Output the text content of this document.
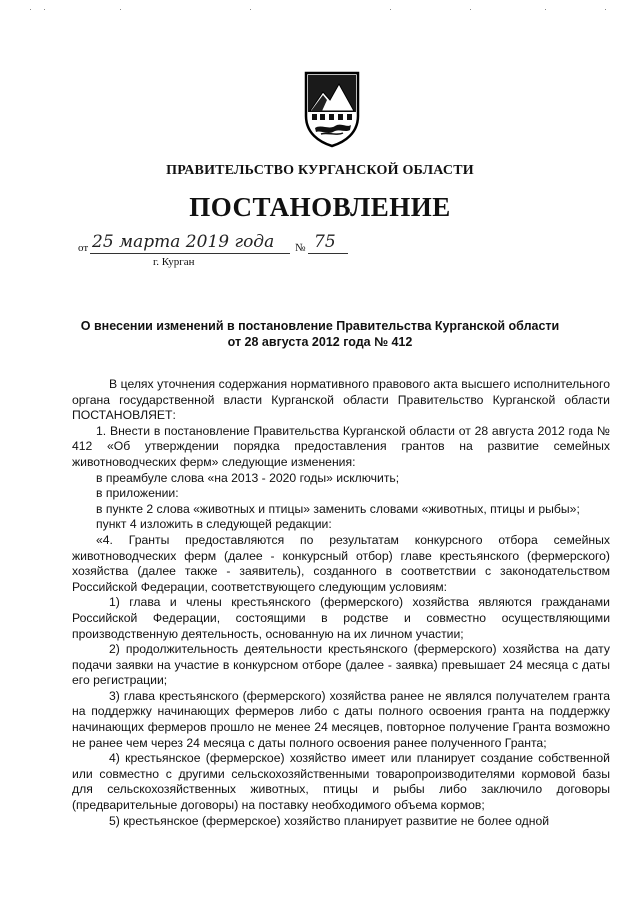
ПРАВИТЕЛЬСТВО КУРГАНСКОЙ ОБЛАСТИ
ПОСТАНОВЛЕНИЕ
от 25 марта 2019 года № 75
г. Курган
О внесении изменений в постановление Правительства Курганской области
от 28 августа 2012 года № 412

В целях уточнения содержания нормативного правового акта высшего исполнительного органа государственной власти Курганской области Правительство Курганской области ПОСТАНОВЛЯЕТ:

1. Внести в постановление Правительства Курганской области от 28 августа 2012 года № 412 «Об утверждении порядка предоставления грантов на развитие семейных животноводческих ферм» следующие изменения:

в преамбуле слова «на 2013 - 2020 годы» исключить;

в приложении:

в пункте 2 слова «животных и птицы» заменить словами «животных, птицы и рыбы»;

пункт 4 изложить в следующей редакции:

«4. Гранты предоставляются по результатам конкурсного отбора семейных животноводческих ферм (далее - конкурсный отбор) главе крестьянского (фермерского) хозяйства (далее также - заявитель), созданного в соответствии с законодательством Российской Федерации, соответствующего следующим условиям:

1) глава и члены крестьянского (фермерского) хозяйства являются гражданами Российской Федерации, состоящими в родстве и совместно осуществляющими производственную деятельность, основанную на их личном участии;

2) продолжительность деятельности крестьянского (фермерского) хозяйства на дату подачи заявки на участие в конкурсном отборе (далее - заявка) превышает 24 месяца с даты его регистрации;

3) глава крестьянского (фермерского) хозяйства ранее не являлся получателем гранта на поддержку начинающих фермеров либо с даты полного освоения гранта на поддержку начинающих фермеров прошло не менее 24 месяцев, повторное получение Гранта возможно не ранее чем через 24 месяца с даты полного освоения ранее полученного Гранта;

4) крестьянское (фермерское) хозяйство имеет или планирует создание собственной или совместно с другими сельскохозяйственными товаропроизводителями кормовой базы для сельскохозяйственных животных, птицы и рыбы либо заключило договоры (предварительные договоры) на поставку необходимого объема кормов;

5) крестьянское (фермерское) хозяйство планирует развитие не более одной
